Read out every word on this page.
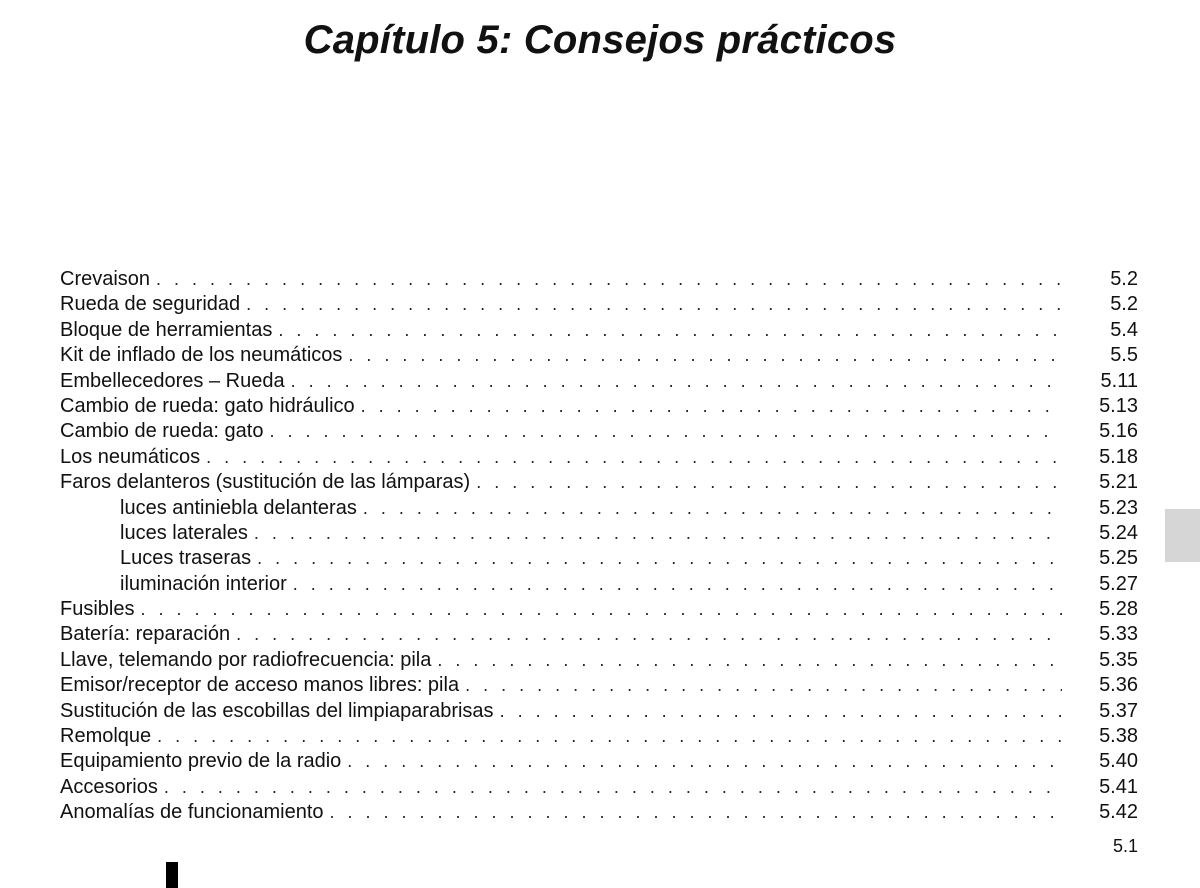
Capítulo 5: Consejos prácticos
Crevaison . . .	5.2
Rueda de seguridad . . .	5.2
Bloque de herramientas . . .	5.4
Kit de inflado de los neumáticos . . .	5.5
Embellecedores – Rueda . . .	5.11
Cambio de rueda: gato hidráulico . . .	5.13
Cambio de rueda: gato . . .	5.16
Los neumáticos . . .	5.18
Faros delanteros (sustitución de las lámparas) . . .	5.21
luces antiniebla delanteras . . .	5.23
luces laterales . . .	5.24
Luces traseras . . .	5.25
iluminación interior . . .	5.27
Fusibles . . .	5.28
Batería: reparación . . .	5.33
Llave, telemando por radiofrecuencia: pila . . .	5.35
Emisor/receptor de acceso manos libres: pila . . .	5.36
Sustitución de las escobillas del limpiaparabrisas . . .	5.37
Remolque . . .	5.38
Equipamiento previo de la radio . . .	5.40
Accesorios . . .	5.41
Anomalías de funcionamiento . . .	5.42
5.1
